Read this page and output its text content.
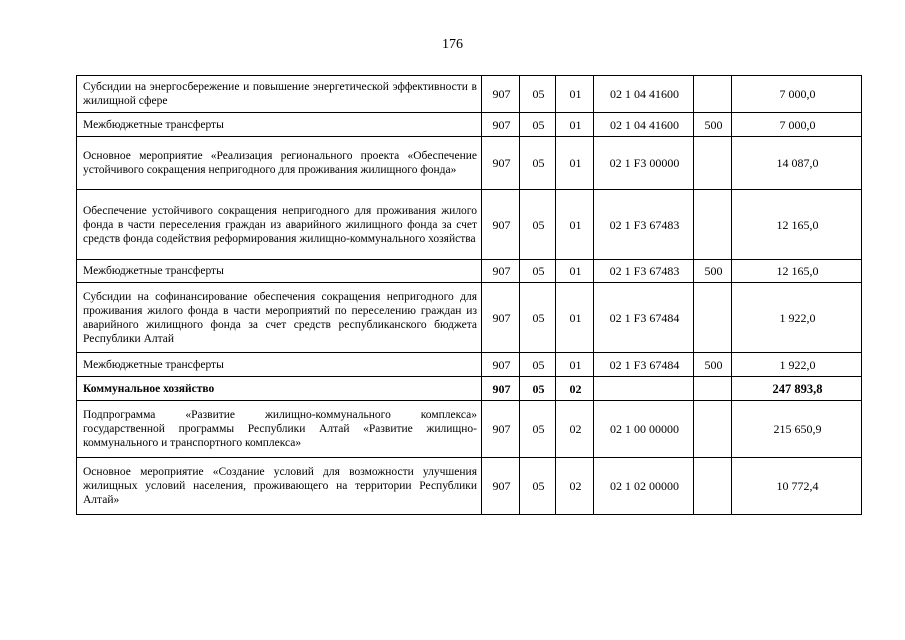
176
Субсидии на энергосбережение и повышение энергетической эффективности в жилищной сфере	907	05	01	02 1 04 41600		7 000,0
Межбюджетные трансферты	907	05	01	02 1 04 41600	500	7 000,0
Основное мероприятие «Реализация регионального проекта «Обеспечение устойчивого сокращения непригодного для проживания жилищного фонда»	907	05	01	02 1 F3 00000		14 087,0
Обеспечение устойчивого сокращения непригодного для проживания жилого фонда в части переселения граждан из аварийного жилищного фонда за счет средств фонда содействия реформирования жилищно-коммунального хозяйства	907	05	01	02 1 F3 67483		12 165,0
Межбюджетные трансферты	907	05	01	02 1 F3 67483	500	12 165,0
Субсидии на софинансирование обеспечения сокращения непригодного для проживания жилого фонда в части мероприятий по переселению граждан из аварийного жилищного фонда за счет средств республиканского бюджета Республики Алтай	907	05	01	02 1 F3 67484		1 922,0
Межбюджетные трансферты	907	05	01	02 1 F3 67484	500	1 922,0
Коммунальное хозяйство	907	05	02			247 893,8
Подпрограмма «Развитие жилищно-коммунального комплекса» государственной программы Республики Алтай «Развитие жилищно-коммунального и транспортного комплекса»	907	05	02	02 1 00 00000		215 650,9
Основное мероприятие «Создание условий для возможности улучшения жилищных условий населения, проживающего на территории Республики Алтай»	907	05	02	02 1 02 00000		10 772,4
